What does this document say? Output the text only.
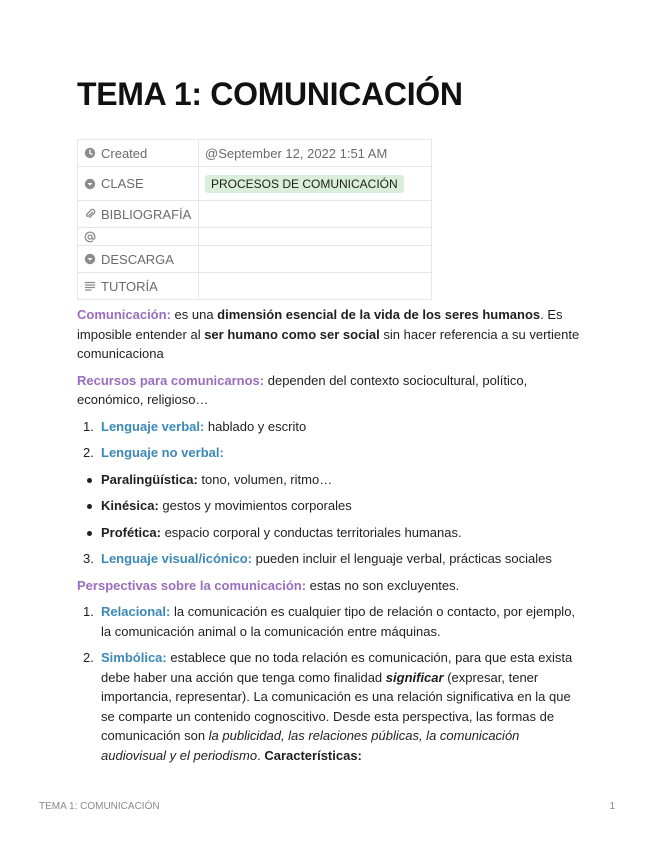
TEMA 1: COMUNICACIÓN
Created	@September 12, 2022 1:51 AM

CLASE	PROCESOS DE COMUNICACIÓN

BIBLIOGRAFÍA	

DESCARGA	

TUTORÍA	

Comunicación: es una dimensión esencial de la vida de los seres humanos. Es imposible entender al ser humano como ser social sin hacer referencia a su vertiente comunicaciona

Recursos para comunicarnos: dependen del contexto sociocultural, político, económico, religioso…

1. Lenguaje verbal: hablado y escrito
2. Lenguaje no verbal:
Paralingüística: tono, volumen, ritmo…
Kinésica: gestos y movimientos corporales
Profética: espacio corporal y conductas territoriales humanas.
3. Lenguaje visual/icónico: pueden incluir el lenguaje verbal, prácticas sociales

Perspectivas sobre la comunicación: estas no son excluyentes.

1. Relacional: la comunicación es cualquier tipo de relación o contacto, por ejemplo, la comunicación animal o la comunicación entre máquinas.
2. Simbólica: establece que no toda relación es comunicación, para que esta exista debe haber una acción que tenga como finalidad significar (expresar, tener importancia, representar). La comunicación es una relación significativa en la que se comparte un contenido cognoscitivo. Desde esta perspectiva, las formas de comunicación son la publicidad, las relaciones públicas, la comunicación audiovisual y el periodismo. Características:
TEMA 1: COMUNICACIÓN	1
